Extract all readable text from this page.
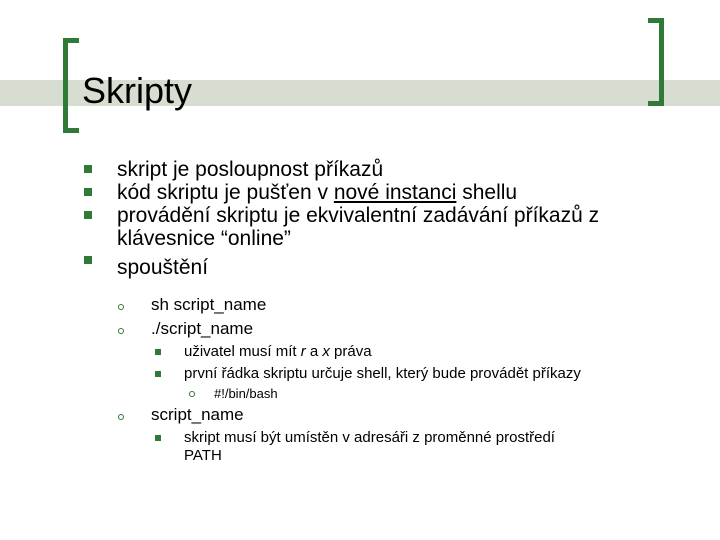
Skripty
skript je posloupnost příkazů
kód skriptu je pušťen v nové instanci shellu
provádění skriptu je ekvivalentní zadávání příkazů z
klávesnice “online”
spouštění
sh script_name
./script_name
uživatel musí mít r a x práva
první řádka skriptu určuje shell, který bude provádět příkazy
#!/bin/bash
script_name
skript musí být umístěn v adresáři z proměnné prostředí
PATH
